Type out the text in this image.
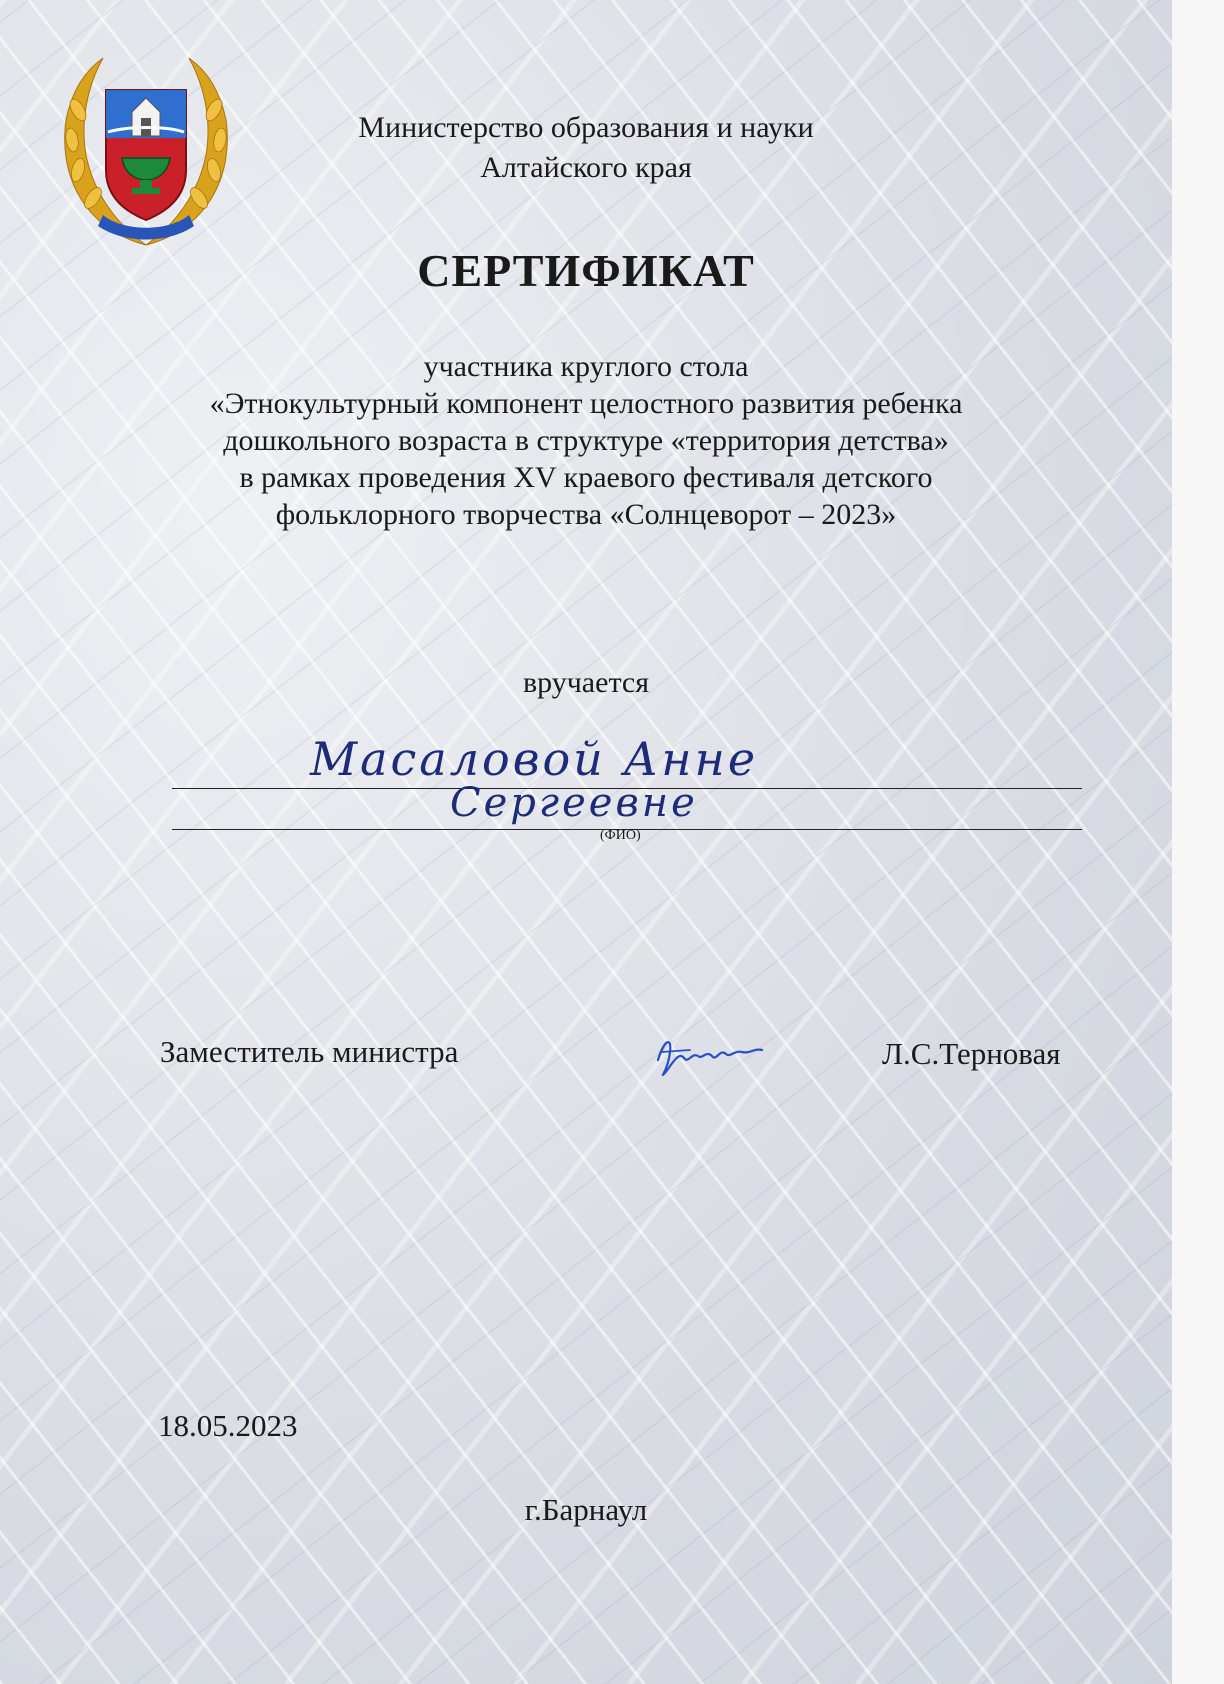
Министерство образования и науки
Алтайского края
СЕРТИФИКАТ
участника круглого стола
«Этнокультурный компонент целостного развития ребенка
дошкольного возраста в структуре «территория детства»
в рамках проведения XV краевого фестиваля детского
фольклорного творчества «Солнцеворот – 2023»
вручается
Масаловой Анне
Сергеевне
(ФИО)
Заместитель министра	Л.С.Терновая
18.05.2023
г.Барнаул
